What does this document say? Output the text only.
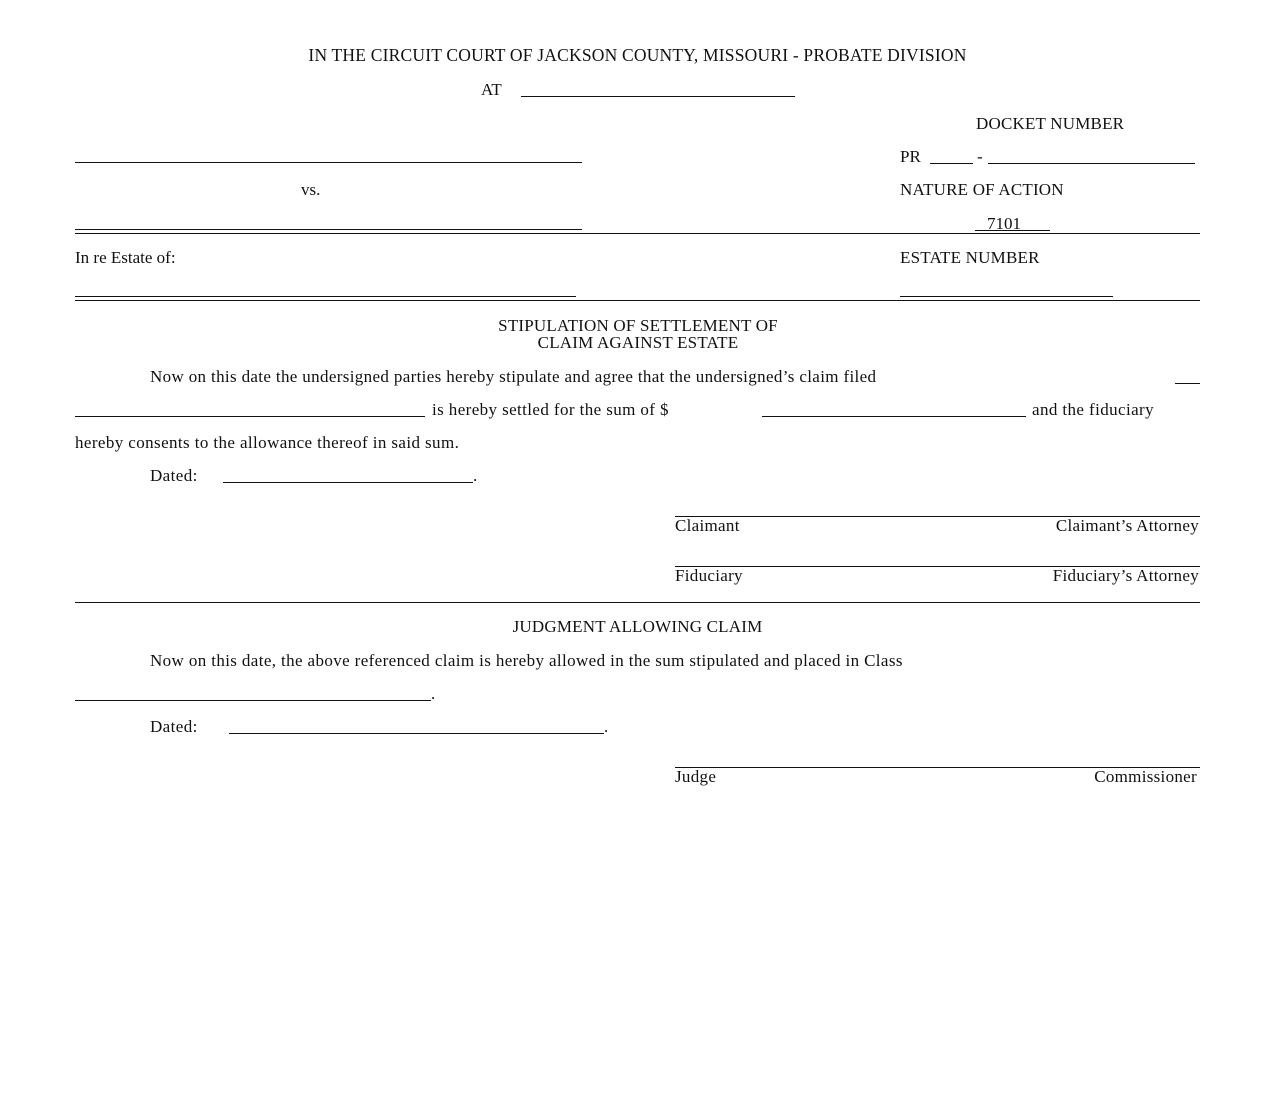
IN THE CIRCUIT COURT OF JACKSON COUNTY, MISSOURI - PROBATE DIVISION
AT
DOCKET NUMBER
PR	-
vs.	NATURE OF ACTION
7101
In re Estate of:	ESTATE NUMBER
STIPULATION OF SETTLEMENT OF
CLAIM AGAINST ESTATE
Now on this date the undersigned parties hereby stipulate and agree that the undersigned’s claim filed
is hereby settled for the sum of $	and the fiduciary
hereby consents to the allowance thereof in said sum.
Dated:	.
Claimant	Claimant’s Attorney
Fiduciary	Fiduciary’s Attorney
JUDGMENT ALLOWING CLAIM
Now on this date, the above referenced claim is hereby allowed in the sum stipulated and placed in Class
.
Dated:	.
Judge	Commissioner
